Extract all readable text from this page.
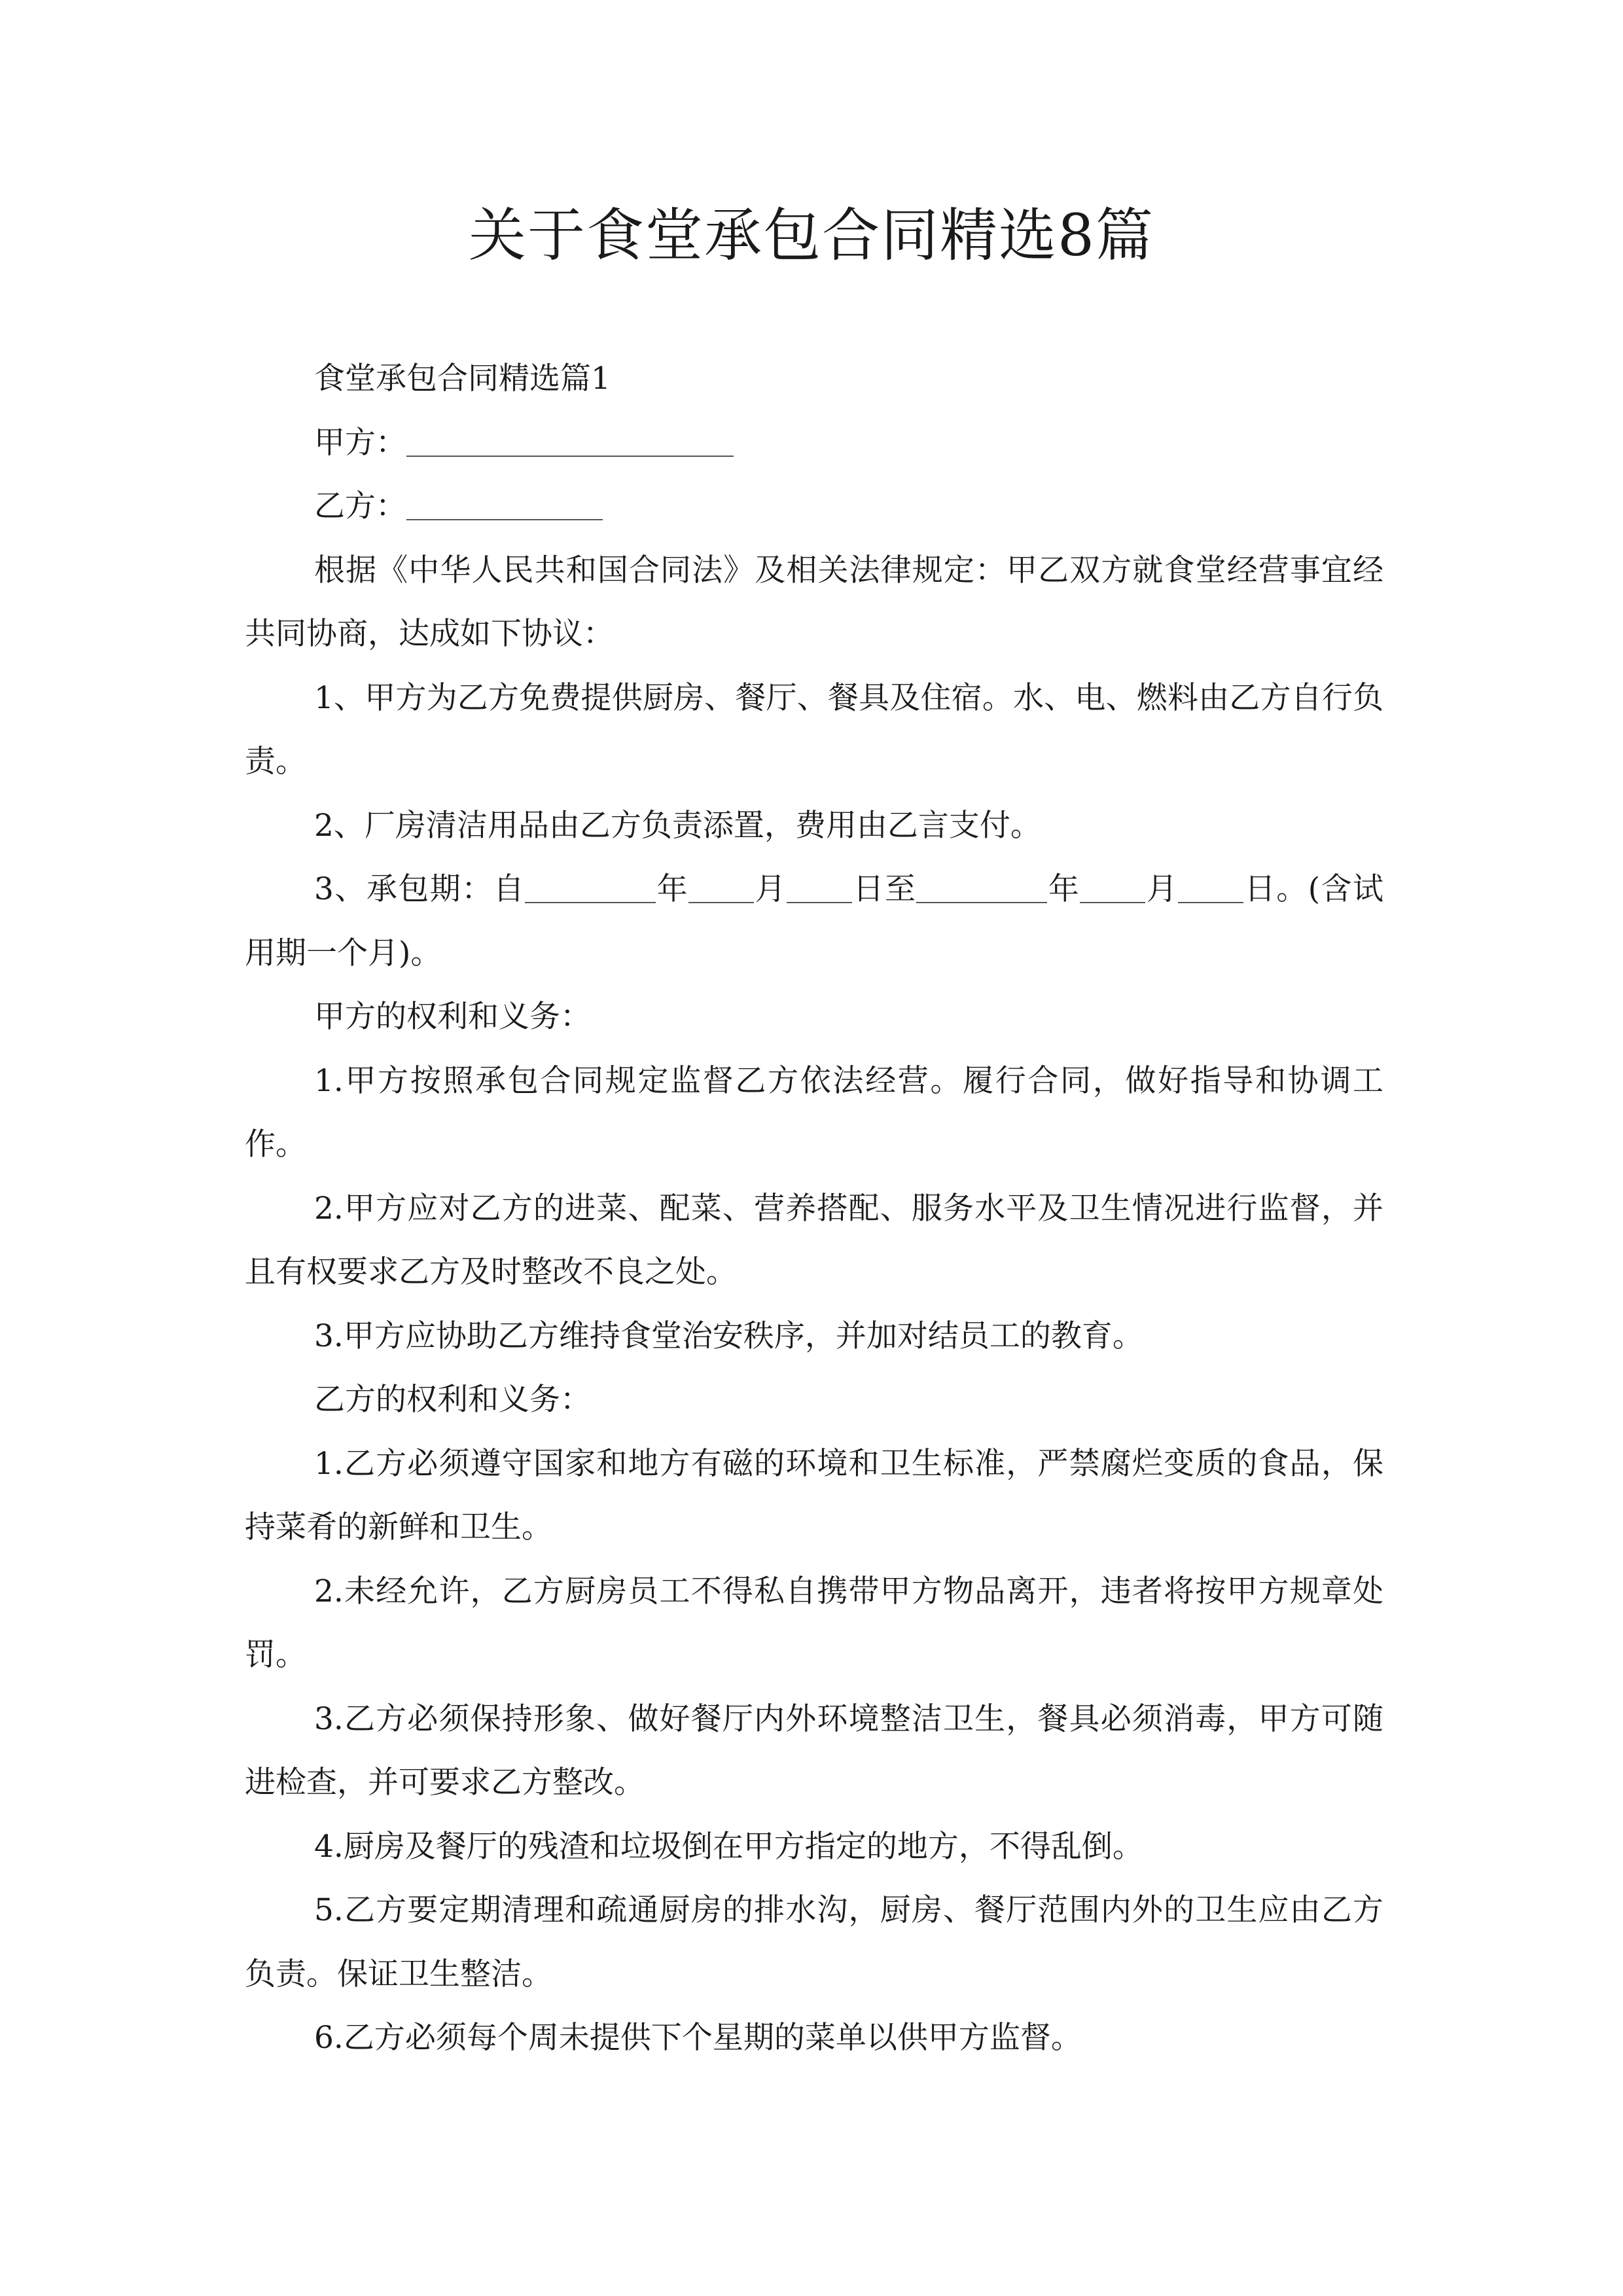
关于食堂承包合同精选8篇

食堂承包合同精选篇1

甲方：

乙方：

根据《中华人民共和国合同法》及相关法律规定：甲乙双方就食堂经营事宜经共同协商，达成如下协议：

1、甲方为乙方免费提供厨房、餐厅、餐具及住宿。水、电、燃料由乙方自行负责。

2、厂房清洁用品由乙方负责添置，费用由乙言支付。

3、承包期：自	年 月 日至	年 月 日。(含试用期一个月)。

甲方的权利和义务：

1.甲方按照承包合同规定监督乙方依法经营。履行合同，做好指导和协调工作。

2.甲方应对乙方的进菜、配菜、营养搭配、服务水平及卫生情况进行监督，并且有权要求乙方及时整改不良之处。

3.甲方应协助乙方维持食堂治安秩序，并加对结员工的教育。

乙方的权利和义务：

1.乙方必须遵守国家和地方有磁的环境和卫生标准，严禁腐烂变质的食品，保持菜肴的新鲜和卫生。

2.未经允许，乙方厨房员工不得私自携带甲方物品离开，违者将按甲方规章处罚。

3.乙方必须保持形象、做好餐厅内外环境整洁卫生，餐具必须消毒，甲方可随进检查，并可要求乙方整改。

4.厨房及餐厅的残渣和垃圾倒在甲方指定的地方，不得乱倒。

5.乙方要定期清理和疏通厨房的排水沟，厨房、餐厅范围内外的卫生应由乙方负责。保证卫生整洁。

6.乙方必须每个周未提供下个星期的菜单以供甲方监督。
